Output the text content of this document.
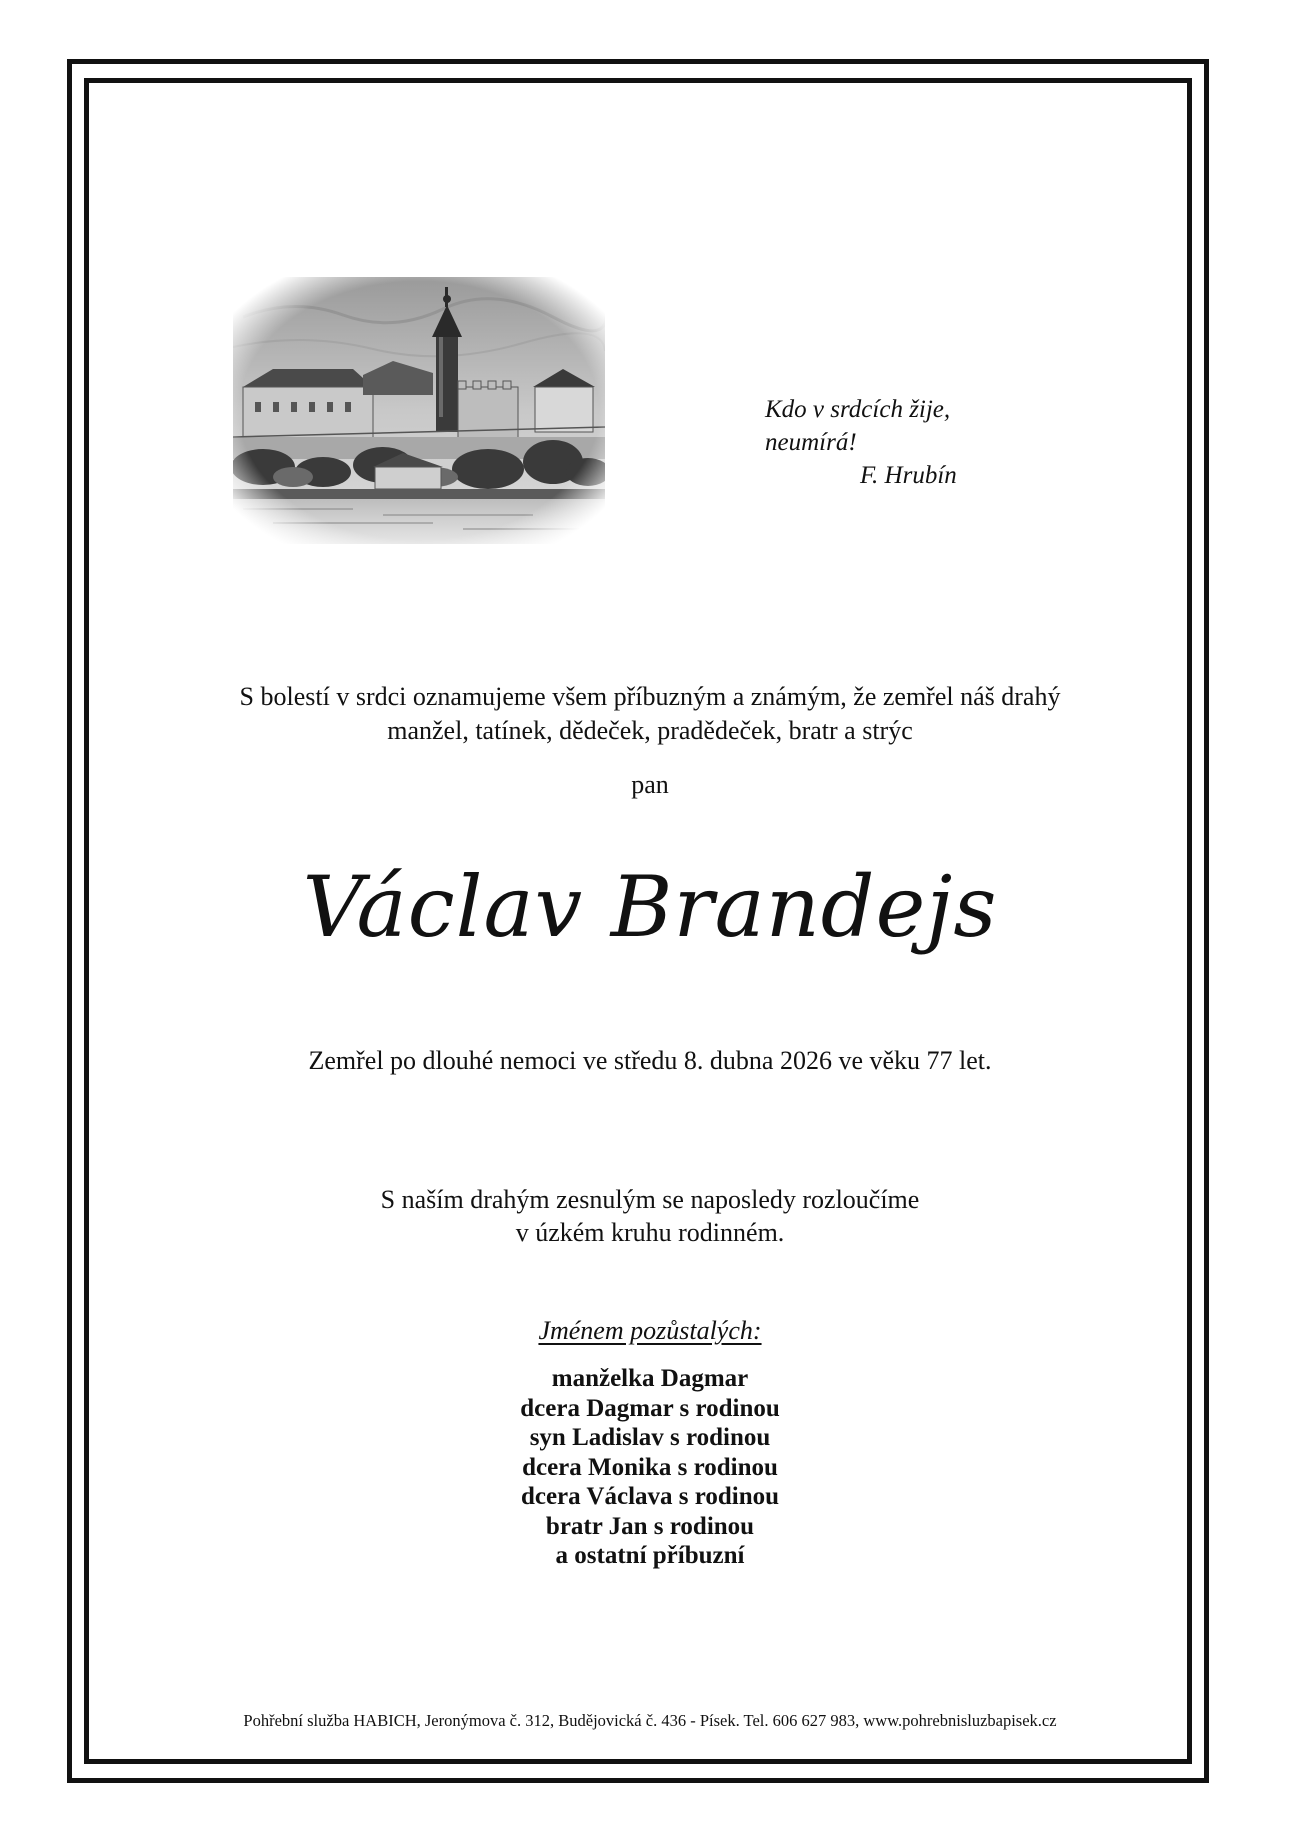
Kdo v srdcích žije,
neumírá!
F. Hrubín
S bolestí v srdci oznamujeme všem příbuzným a známým, že zemřel náš drahý
manžel, tatínek, dědeček, pradědeček, bratr a strýc
pan
Václav Brandejs
Zemřel po dlouhé nemoci ve středu 8. dubna 2026 ve věku 77 let.
S naším drahým zesnulým se naposledy rozloučíme
v úzkém kruhu rodinném.
Jménem pozůstalých:
manželka Dagmar
dcera Dagmar s rodinou
syn Ladislav s rodinou
dcera Monika s rodinou
dcera Václava s rodinou
bratr Jan s rodinou
a ostatní příbuzní
Pohřební služba HABICH, Jeronýmova č. 312, Budějovická č. 436 - Písek. Tel. 606 627 983, www.pohrebnisluzbapisek.cz
